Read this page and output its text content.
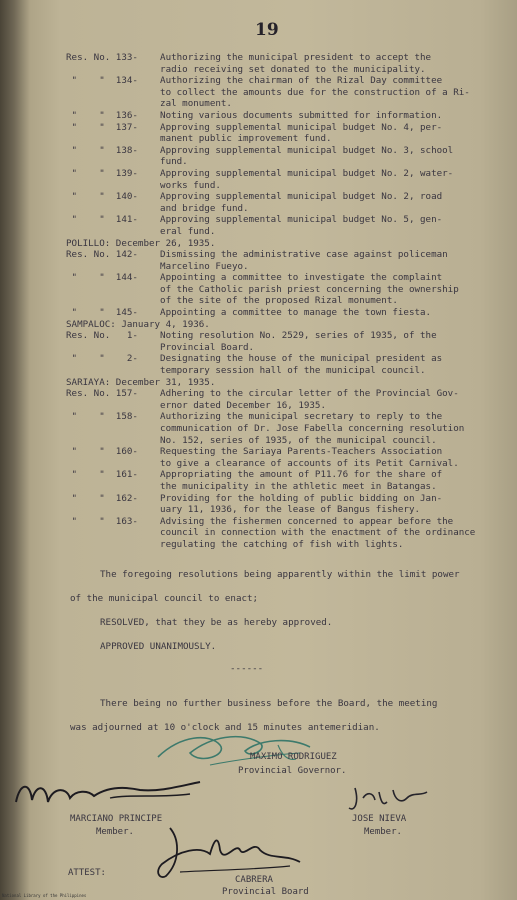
19
Res. No. 133-    Authorizing the municipal president to accept the
radio receiving set donated to the municipality.
"    "  134-    Authorizing the chairman of the Rizal Day committee
to collect the amounts due for the construction of a Ri-
zal monument.
"    "  136-    Noting various documents submitted for information.
"    "  137-    Approving supplemental municipal budget No. 4, per-
manent public improvement fund.
"    "  138-    Approving supplemental municipal budget No. 3, school
fund.
"    "  139-    Approving supplemental municipal budget No. 2, water-
works fund.
"    "  140-    Approving supplemental municipal budget No. 2, road
and bridge fund.
"    "  141-    Approving supplemental municipal budget No. 5, gen-
eral fund.
POLILLO: December 26, 1935.
Res. No. 142-    Dismissing the administrative case against policeman
Marcelino Fueyo.
"    "  144-    Appointing a committee to investigate the complaint
of the Catholic parish priest concerning the ownership
of the site of the proposed Rizal monument.
"    "  145-    Appointing a committee to manage the town fiesta.
SAMPALOC: January 4, 1936.
Res. No.   1-    Noting resolution No. 2529, series of 1935, of the
Provincial Board.
"    "    2-    Designating the house of the municipal president as
temporary session hall of the municipal council.
SARIAYA: December 31, 1935.
Res. No. 157-    Adhering to the circular letter of the Provincial Gov-
ernor dated December 16, 1935.
"    "  158-    Authorizing the municipal secretary to reply to the
communication of Dr. Jose Fabella concerning resolution
No. 152, series of 1935, of the municipal council.
"    "  160-    Requesting the Sariaya Parents-Teachers Association
to give a clearance of accounts of its Petit Carnival.
"    "  161-    Appropriating the amount of P11.76 for the share of
the municipality in the athletic meet in Batangas.
"    "  162-    Providing for the holding of public bidding on Jan-
uary 11, 1936, for the lease of Bangus fishery.
"    "  163-    Advising the fishermen concerned to appear before the
council in connection with the enactment of the ordinance
regulating the catching of fish with lights.
The foregoing resolutions being apparently within the limit power
of the municipal council to enact;
RESOLVED, that they be as hereby approved.
APPROVED UNANIMOUSLY.
------
There being no further business before the Board, the meeting
was adjourned at 10 o'clock and 15 minutes antemeridian.
MAXIMO RODRIGUEZ
Provincial Governor.
MARCIANO PRINCIPE
Member.
JOSE NIEVA
Member.
ATTEST:
CABRERA
Provincial Board
National Library of the Philippines
